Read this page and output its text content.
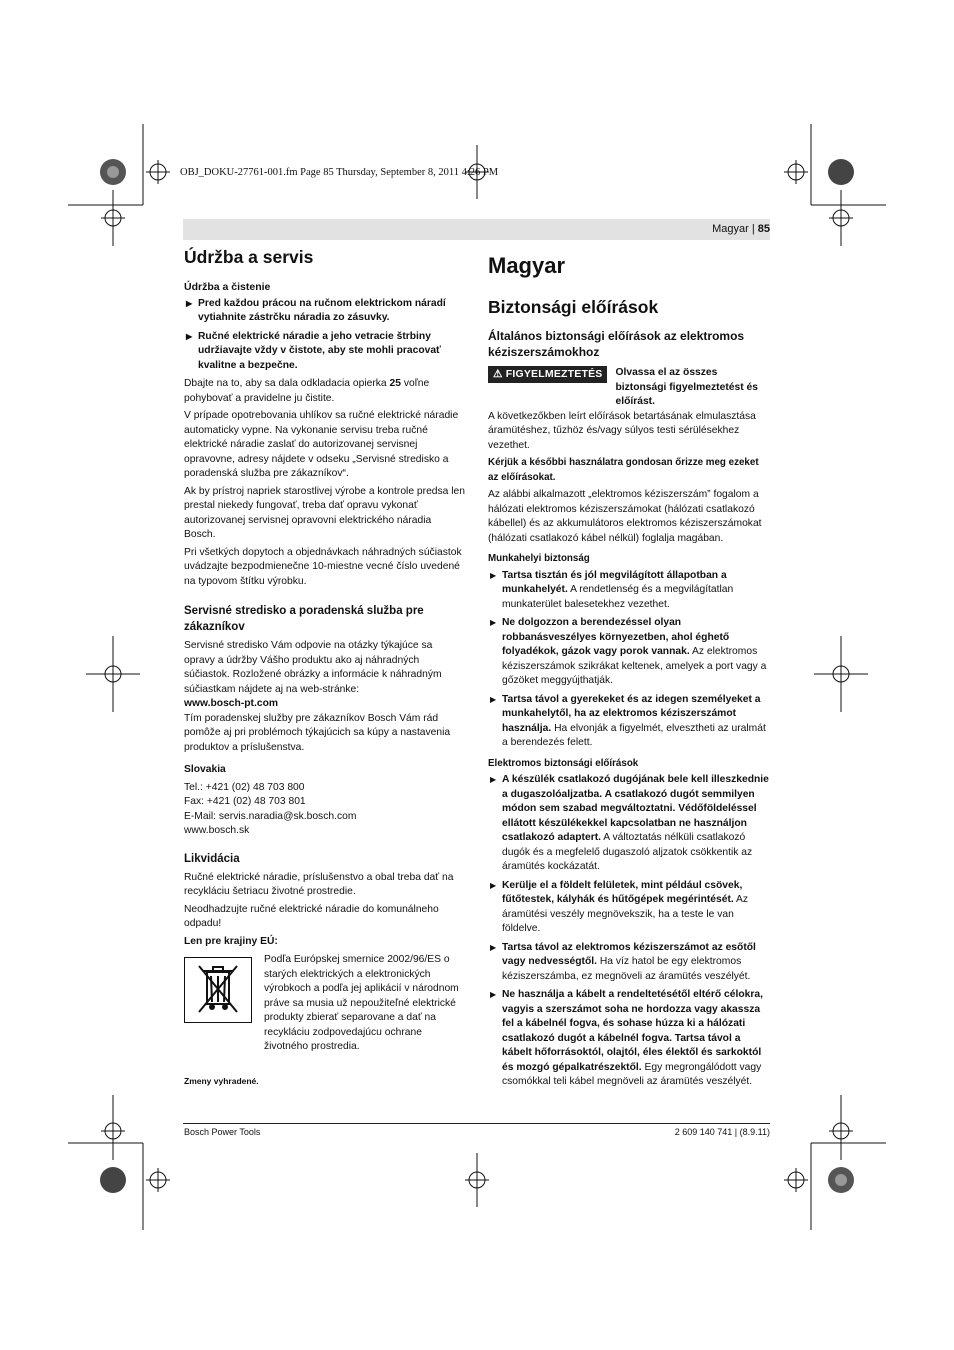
OBJ_DOKU-27761-001.fm Page 85 Thursday, September 8, 2011 4:26 PM
Magyar | 85
Údržba a servis
Údržba a čistenie
▶ Pred každou prácou na ručnom elektrickom náradí vytiahnite zástrčku náradia zo zásuvky.
▶ Ručné elektrické náradie a jeho vetracie štrbiny udržiavajte vždy v čistote, aby ste mohli pracovať kvalitne a bezpečne.

Dbajte na to, aby sa dala odkladacia opierka 25 voľne pohybovať a pravidelne ju čistite.

V prípade opotrebovania uhlíkov sa ručné elektrické náradie automaticky vypne. Na vykonanie servisu treba ručné elektrické náradie zaslať do autorizovanej servisnej opravovne, adresy nájdete v odseku „Servisné stredisko a poradenská služba pre zákazníkov“.

Ak by prístroj napriek starostlivej výrobe a kontrole predsa len prestal niekedy fungovať, treba dať opravu vykonať autorizovanej servisnej opravovni elektrického náradia Bosch.

Pri všetkých dopytoch a objednávkach náhradných súčiastok uvádzajte bezpodmienečne 10-miestne vecné číslo uvedené na typovom štítku výrobku.

Servisné stredisko a poradenská služba pre zákazníkov

Servisné stredisko Vám odpovie na otázky týkajúce sa opravy a údržby Vášho produktu ako aj náhradných súčiastok. Rozložené obrázky a informácie k náhradným súčiastkam nájdete aj na web-stránke:

www.bosch-pt.com

Tím poradenskej služby pre zákazníkov Bosch Vám rád pomôže aj pri problémoch týkajúcich sa kúpy a nastavenia produktov a príslušenstva.

Slovakia

Tel.: +421 (02) 48 703 800

Fax: +421 (02) 48 703 801

E-Mail: servis.naradia@sk.bosch.com

www.bosch.sk

Likvidácia

Ručné elektrické náradie, príslušenstvo a obal treba dať na recykláciu šetriacu životné prostredie.

Neodhadzujte ručné elektrické náradie do komunálneho odpadu!

Len pre krajiny EÚ:

Podľa Európskej smernice 2002/96/ES o starých elektrických a elektronických výrobkoch a podľa jej aplikácií v národnom práve sa musia už nepoužiteľné elektrické produkty zbierať separovane a dať na recykláciu zodpovedajúcu ochrane životného prostredia.

Zmeny vyhradené.

Magyar
Biztonsági előírások
Általános biztonsági előírások az elektromos kéziszerszámokhoz
⚠ FIGYELMEZTETÉS	Olvassa el az összes biztonsági figyelmeztetést és előírást.

A következőkben leírt előírások betartásának elmulasztása áramütéshez, tűzhöz és/vagy súlyos testi sérülésekhez vezethet.

Kérjük a későbbi használatra gondosan őrizze meg ezeket az előírásokat.

Az alábbi alkalmazott „elektromos kéziszerszám” fogalom a hálózati elektromos kéziszerszámokat (hálózati csatlakozó kábellel) és az akkumulátoros elektromos kéziszerszámokat (hálózati csatlakozó kábel nélkül) foglalja magában.

Munkahelyi biztonság
▶ Tartsa tisztán és jól megvilágított állapotban a munkahelyét. A rendetlenség és a megvilágítatlan munkaterület balesetekhez vezethet.
▶ Ne dolgozzon a berendezéssel olyan robbanásveszélyes környezetben, ahol éghető folyadékok, gázok vagy porok vannak. Az elektromos kéziszerszámok szikrákat keltenek, amelyek a port vagy a gőzöket meggyújthatják.
▶ Tartsa távol a gyerekeket és az idegen személyeket a munkahelytől, ha az elektromos kéziszerszámot használja. Ha elvonják a figyelmét, elvesztheti az uralmát a berendezés felett.
Elektromos biztonsági előírások
▶ A készülék csatlakozó dugójának bele kell illeszkednie a dugaszolóaljzatba. A csatlakozó dugót semmilyen módon sem szabad megváltoztatni. Védőföldeléssel ellátott készülékekkel kapcsolatban ne használjon csatlakozó adaptert. A változtatás nélküli csatlakozó dugók és a megfelelő dugaszoló aljzatok csökkentik az áramütés kockázatát.
▶ Kerülje el a földelt felületek, mint például csövek, fűtőtestek, kályhák és hűtőgépek megérintését. Az áramütési veszély megnövekszik, ha a teste le van földelve.
▶ Tartsa távol az elektromos kéziszerszámot az esőtől vagy nedvességtől. Ha víz hatol be egy elektromos kéziszerszámba, ez megnöveli az áramütés veszélyét.
▶ Ne használja a kábelt a rendeltetésétől eltérő célokra, vagyis a szerszámot soha ne hordozza vagy akassza fel a kábelnél fogva, és sohase húzza ki a hálózati csatlakozó dugót a kábelnél fogva. Tartsa távol a kábelt hőforrásoktól, olajtól, éles élektől és sarkoktól és mozgó gépalkatrészektől. Egy megrongálódott vagy csomókkal teli kábel megnöveli az áramütés veszélyét.
Bosch Power Tools	2 609 140 741 | (8.9.11)
